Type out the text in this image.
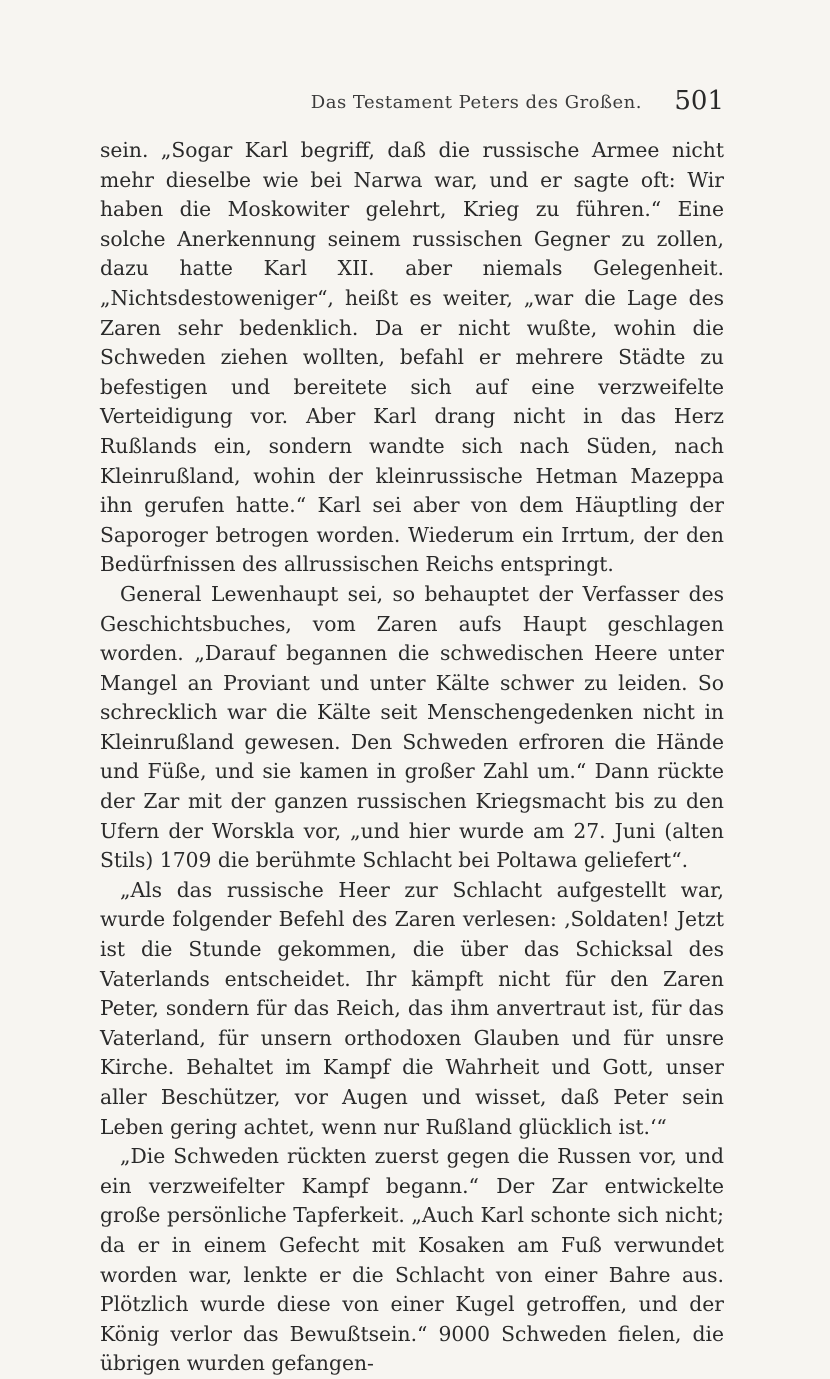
Das Testament Peters des Großen. 501

sein. „Sogar Karl begriff, daß die russische Armee nicht mehr dieselbe wie bei Narwa war, und er sagte oft: Wir haben die Moskowiter gelehrt, Krieg zu führen.“ Eine solche Anerkennung seinem russischen Gegner zu zollen, dazu hatte Karl XII. aber niemals Gelegenheit. „Nichtsdestoweniger“, heißt es weiter, „war die Lage des Zaren sehr bedenklich. Da er nicht wußte, wohin die Schweden ziehen wollten, befahl er mehrere Städte zu befestigen und bereitete sich auf eine verzweifelte Verteidigung vor. Aber Karl drang nicht in das Herz Rußlands ein, sondern wandte sich nach Süden, nach Kleinrußland, wohin der kleinrussische Hetman Mazeppa ihn gerufen hatte.“ Karl sei aber von dem Häuptling der Saporoger betrogen worden. Wiederum ein Irrtum, der den Bedürfnissen des allrussischen Reichs entspringt.

General Lewenhaupt sei, so behauptet der Verfasser des Geschichtsbuches, vom Zaren aufs Haupt geschlagen worden. „Darauf begannen die schwedischen Heere unter Mangel an Proviant und unter Kälte schwer zu leiden. So schrecklich war die Kälte seit Menschengedenken nicht in Kleinrußland gewesen. Den Schweden erfroren die Hände und Füße, und sie kamen in großer Zahl um.“ Dann rückte der Zar mit der ganzen russischen Kriegsmacht bis zu den Ufern der Worskla vor, „und hier wurde am 27. Juni (alten Stils) 1709 die berühmte Schlacht bei Poltawa geliefert“.

„Als das russische Heer zur Schlacht aufgestellt war, wurde folgender Befehl des Zaren verlesen: ‚Soldaten! Jetzt ist die Stunde gekommen, die über das Schicksal des Vaterlands entscheidet. Ihr kämpft nicht für den Zaren Peter, sondern für das Reich, das ihm anvertraut ist, für das Vaterland, für unsern orthodoxen Glauben und für unsre Kirche. Behaltet im Kampf die Wahrheit und Gott, unser aller Beschützer, vor Augen und wisset, daß Peter sein Leben gering achtet, wenn nur Rußland glücklich ist.‘“

„Die Schweden rückten zuerst gegen die Russen vor, und ein verzweifelter Kampf begann.“ Der Zar entwickelte große persönliche Tapferkeit. „Auch Karl schonte sich nicht; da er in einem Gefecht mit Kosaken am Fuß verwundet worden war, lenkte er die Schlacht von einer Bahre aus. Plötzlich wurde diese von einer Kugel getroffen, und der König verlor das Bewußtsein.“ 9000 Schweden fielen, die übrigen wurden gefangen-
